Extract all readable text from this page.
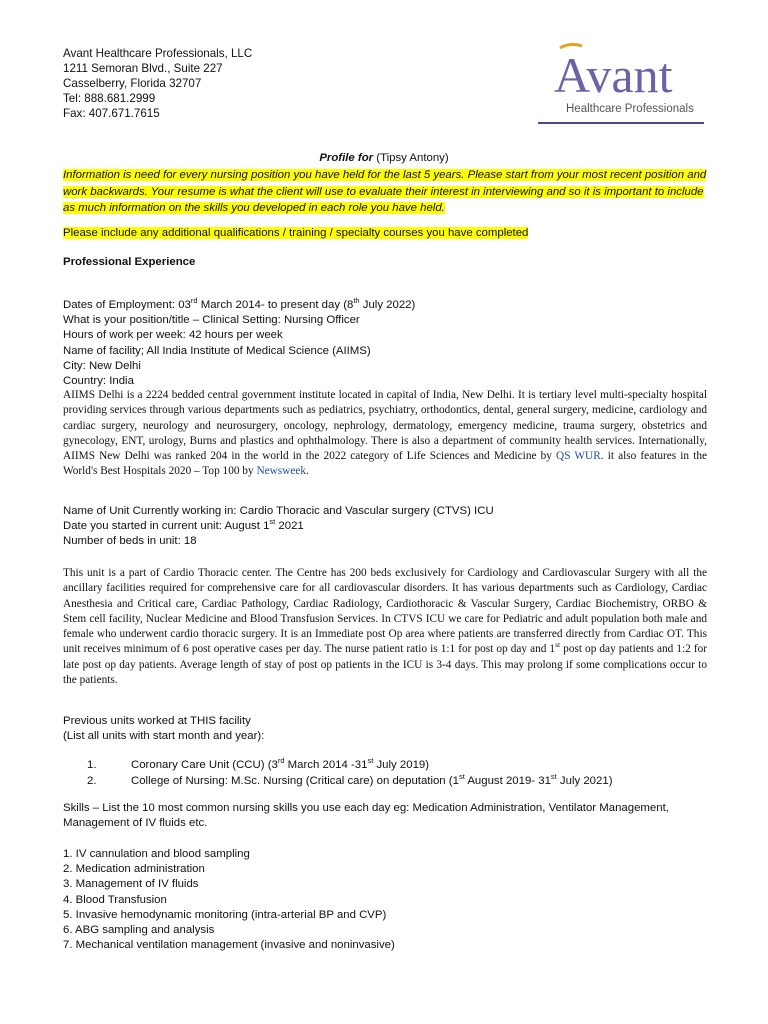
Avant Healthcare Professionals, LLC
1211 Semoran Blvd., Suite 227
Casselberry, Florida 32707
Tel: 888.681.2999
Fax: 407.671.7615
Avant
Healthcare Professionals
Profile for (Tipsy Antony)
Information is need for every nursing position you have held for the last 5 years. Please start from your most recent position and work backwards. Your resume is what the client will use to evaluate their interest in interviewing and so it is important to include as much information on the skills you developed in each role you have held.
Please include any additional qualifications / training / specialty courses you have completed
Professional Experience
Dates of Employment: 03rd March 2014- to present day (8th July 2022)
What is your position/title – Clinical Setting: Nursing Officer
Hours of work per week: 42 hours per week
Name of facility; All India Institute of Medical Science (AIIMS)
City: New Delhi
Country: India
AIIMS Delhi is a 2224 bedded central government institute located in capital of India, New Delhi. It is tertiary level multi-specialty hospital providing services through various departments such as pediatrics, psychiatry, orthodontics, dental, general surgery, medicine, cardiology and cardiac surgery, neurology and neurosurgery, oncology, nephrology, dermatology, emergency medicine, trauma surgery, obstetrics and gynecology, ENT, urology, Burns and plastics and ophthalmology. There is also a department of community health services. Internationally, AIIMS New Delhi was ranked 204 in the world in the 2022 category of Life Sciences and Medicine by QS WUR. it also features in the World's Best Hospitals 2020 – Top 100 by Newsweek.
Name of Unit Currently working in: Cardio Thoracic and Vascular surgery (CTVS) ICU
Date you started in current unit: August 1st 2021
Number of beds in unit: 18
This unit is a part of Cardio Thoracic center. The Centre has 200 beds exclusively for Cardiology and Cardiovascular Surgery with all the ancillary facilities required for comprehensive care for all cardiovascular disorders. It has various departments such as Cardiology, Cardiac Anesthesia and Critical care, Cardiac Pathology, Cardiac Radiology, Cardiothoracic & Vascular Surgery, Cardiac Biochemistry, ORBO & Stem cell facility, Nuclear Medicine and Blood Transfusion Services. In CTVS ICU we care for Pediatric and adult population both male and female who underwent cardio thoracic surgery. It is an Immediate post Op area where patients are transferred directly from Cardiac OT. This unit receives minimum of 6 post operative cases per day. The nurse patient ratio is 1:1 for post op day and 1st post op day patients and 1:2 for late post op day patients. Average length of stay of post op patients in the ICU is 3-4 days. This may prolong if some complications occur to the patients.
Previous units worked at THIS facility
(List all units with start month and year):
1.	Coronary Care Unit (CCU) (3rd March 2014 -31st July 2019)
2.	College of Nursing: M.Sc. Nursing (Critical care) on deputation (1st August 2019- 31st July 2021)
Skills – List the 10 most common nursing skills you use each day eg: Medication Administration, Ventilator Management, Management of IV fluids etc.
1. IV cannulation and blood sampling
2. Medication administration
3. Management of IV fluids
4. Blood Transfusion
5. Invasive hemodynamic monitoring (intra-arterial BP and CVP)
6. ABG sampling and analysis
7. Mechanical ventilation management (invasive and noninvasive)
